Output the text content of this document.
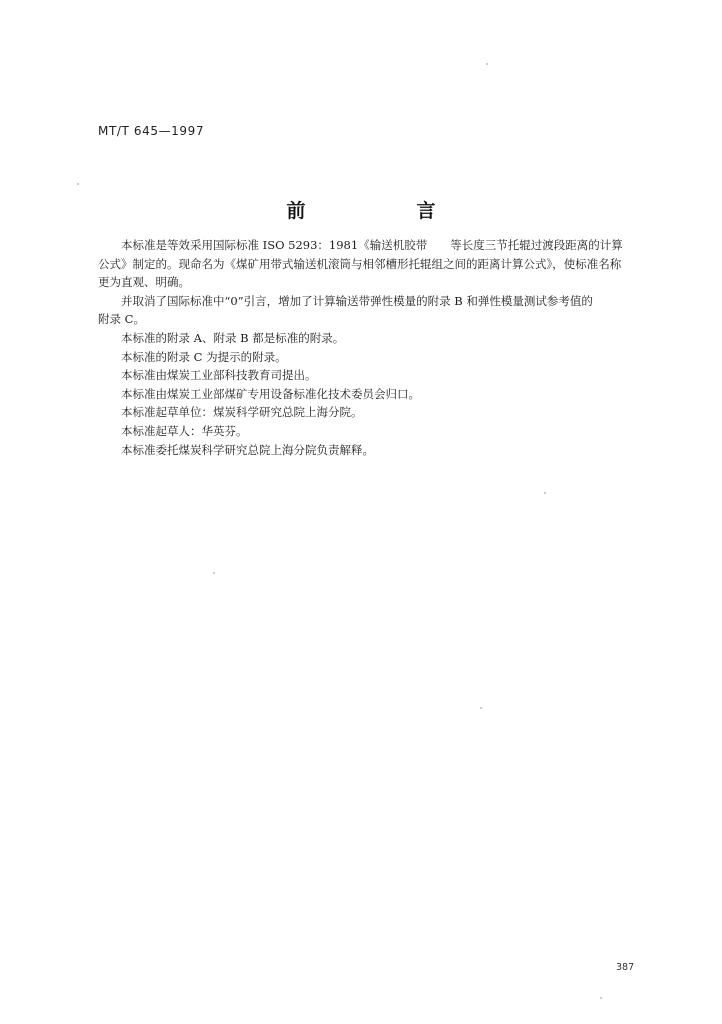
MT/T 645—1997
前　言

本标准是等效采用国际标准 ISO 5293：1981《输送机胶带　　等长度三节托辊过渡段距离的计算
公式》制定的。现命名为《煤矿用带式输送机滚筒与相邻槽形托辊组之间的距离计算公式》，使标准名称
更为直观、明确。

并取消了国际标准中“0”引言，增加了计算输送带弹性模量的附录 B 和弹性模量测试参考值的
附录 C。

本标准的附录 A、附录 B 都是标准的附录。

本标准的附录 C 为提示的附录。

本标准由煤炭工业部科技教育司提出。

本标准由煤炭工业部煤矿专用设备标准化技术委员会归口。

本标准起草单位：煤炭科学研究总院上海分院。

本标准起草人：华英芬。

本标准委托煤炭科学研究总院上海分院负责解释。

387
